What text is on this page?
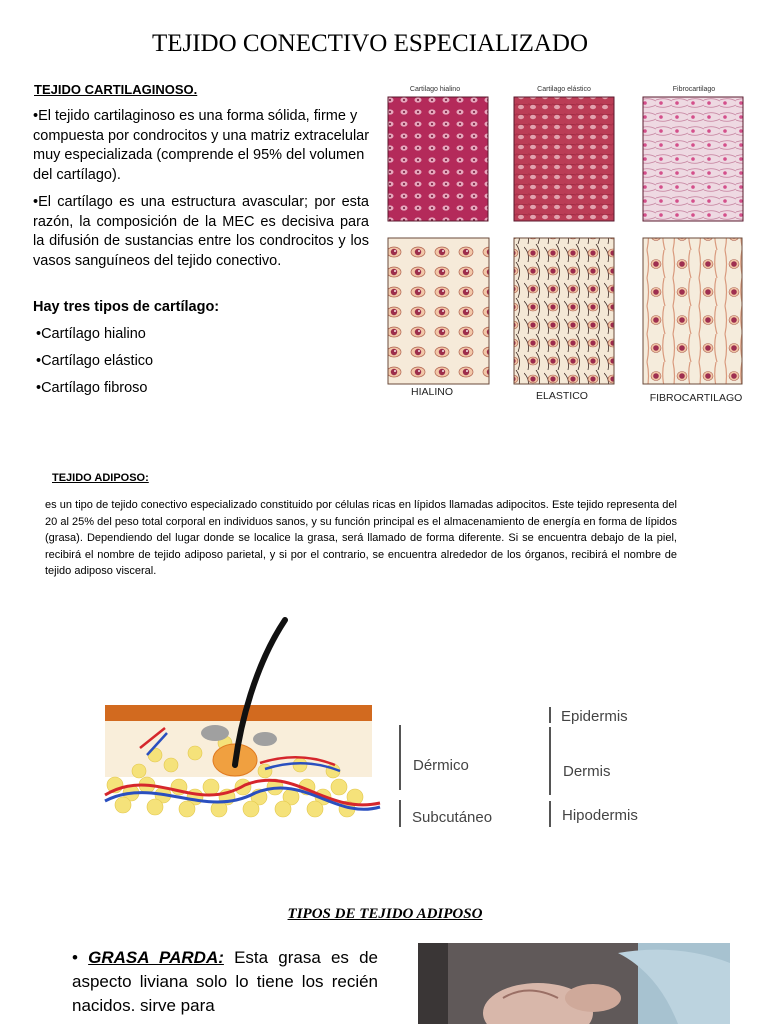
TEJIDO CONECTIVO ESPECIALIZADO
TEJIDO CARTILAGINOSO.
•El tejido cartilaginoso es una forma sólida, firme y compuesta por condrocitos y una matriz extracelular muy especializada (comprende el 95% del volumen del cartílago).
•El cartílago es una estructura avascular; por esta razón, la composición de la MEC es decisiva para la difusión de sustancias entre los condrocitos y los vasos sanguíneos del tejido conectivo.
Hay tres tipos de cartílago:
•Cartílago hialino
•Cartílago elástico
•Cartílago fibroso
Cartilago hialino	Cartilago elástico	Fibrocartilago
HIALINO	ELASTICO	FIBROCARTILAGO
TEJIDO ADIPOSO:
es un tipo de tejido conectivo especializado constituido por células ricas en lípidos llamadas adipocitos. Este tejido representa del 20 al 25% del peso total corporal en individuos sanos, y su función principal es el almacenamiento de energía en forma de lípidos (grasa). Dependiendo del lugar donde se localice la grasa, será llamado de forma diferente. Si se encuentra debajo de la piel, recibirá el nombre de tejido adiposo parietal, y si por el contrario, se encuentra alrededor de los órganos, recibirá el nombre de tejido adiposo visceral.
Epidermis
Dérmico	Dermis
Subcutáneo	Hipodermis
TIPOS DE TEJIDO ADIPOSO
• GRASA PARDA: Esta grasa es de aspecto liviana solo lo tiene los recién nacidos. sirve para
